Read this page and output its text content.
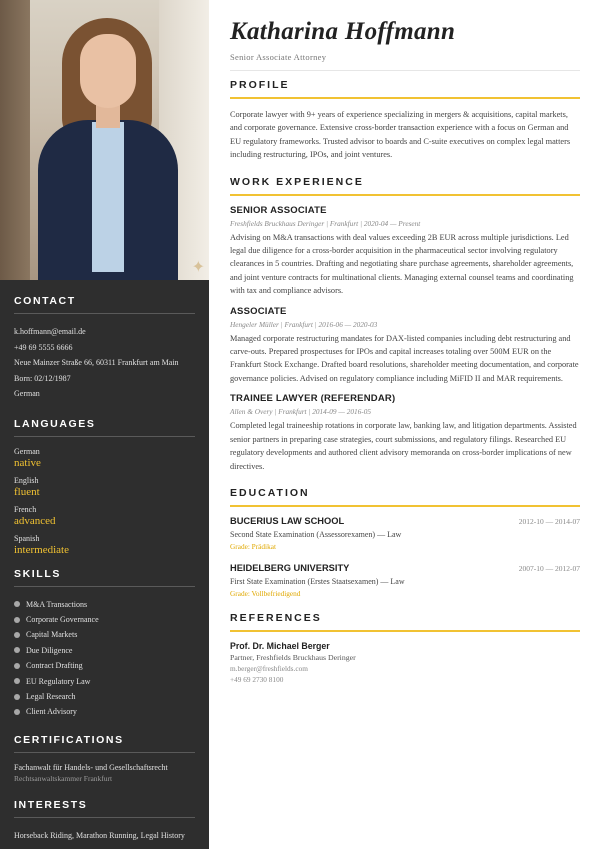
✦
CONTACT
k.hoffmann@email.de
+49 69 5555 6666
Neue Mainzer Straße 66, 60311 Frankfurt am Main
Born: 02/12/1987
German
LANGUAGES
German
native
English
fluent
French
advanced
Spanish
intermediate
SKILLS
M&A Transactions
Corporate Governance
Capital Markets
Due Diligence
Contract Drafting
EU Regulatory Law
Legal Research
Client Advisory
CERTIFICATIONS
Fachanwalt für Handels- und Gesellschaftsrecht
Rechtsanwaltskammer Frankfurt
INTERESTS
Horseback Riding, Marathon Running, Legal History
Katharina Hoffmann
Senior Associate Attorney
PROFILE

Corporate lawyer with 9+ years of experience specializing in mergers & acquisitions, capital markets, and corporate governance. Extensive cross-border transaction experience with a focus on German and EU regulatory frameworks. Trusted advisor to boards and C-suite executives on complex legal matters including restructuring, IPOs, and joint ventures.

WORK EXPERIENCE
SENIOR ASSOCIATE
Freshfields Bruckhaus Deringer | Frankfurt | 2020-04 — Present

Advising on M&A transactions with deal values exceeding 2B EUR across multiple jurisdictions. Led legal due diligence for a cross-border acquisition in the pharmaceutical sector involving regulatory clearances in 5 countries. Drafting and negotiating share purchase agreements, shareholder agreements, and joint venture contracts for multinational clients. Managing external counsel teams and coordinating with tax and compliance advisors.

ASSOCIATE
Hengeler Müller | Frankfurt | 2016-06 — 2020-03

Managed corporate restructuring mandates for DAX-listed companies including debt restructuring and carve-outs. Prepared prospectuses for IPOs and capital increases totaling over 500M EUR on the Frankfurt Stock Exchange. Drafted board resolutions, shareholder meeting documentation, and corporate governance policies. Advised on regulatory compliance including MiFID II and MAR requirements.

TRAINEE LAWYER (REFERENDAR)
Allen & Overy | Frankfurt | 2014-09 — 2016-05

Completed legal traineeship rotations in corporate law, banking law, and litigation departments. Assisted senior partners in preparing case strategies, court submissions, and regulatory filings. Researched EU regulatory developments and authored client advisory memoranda on cross-border implications of new directives.

EDUCATION
BUCERIUS LAW SCHOOL	2012-10 — 2014-07
Second State Examination (Assessorexamen) — Law
Grade: Prädikat
HEIDELBERG UNIVERSITY	2007-10 — 2012-07
First State Examination (Erstes Staatsexamen) — Law
Grade: Vollbefriedigend
REFERENCES
Prof. Dr. Michael Berger
Partner, Freshfields Bruckhaus Deringer
m.berger@freshfields.com
+49 69 2730 8100
